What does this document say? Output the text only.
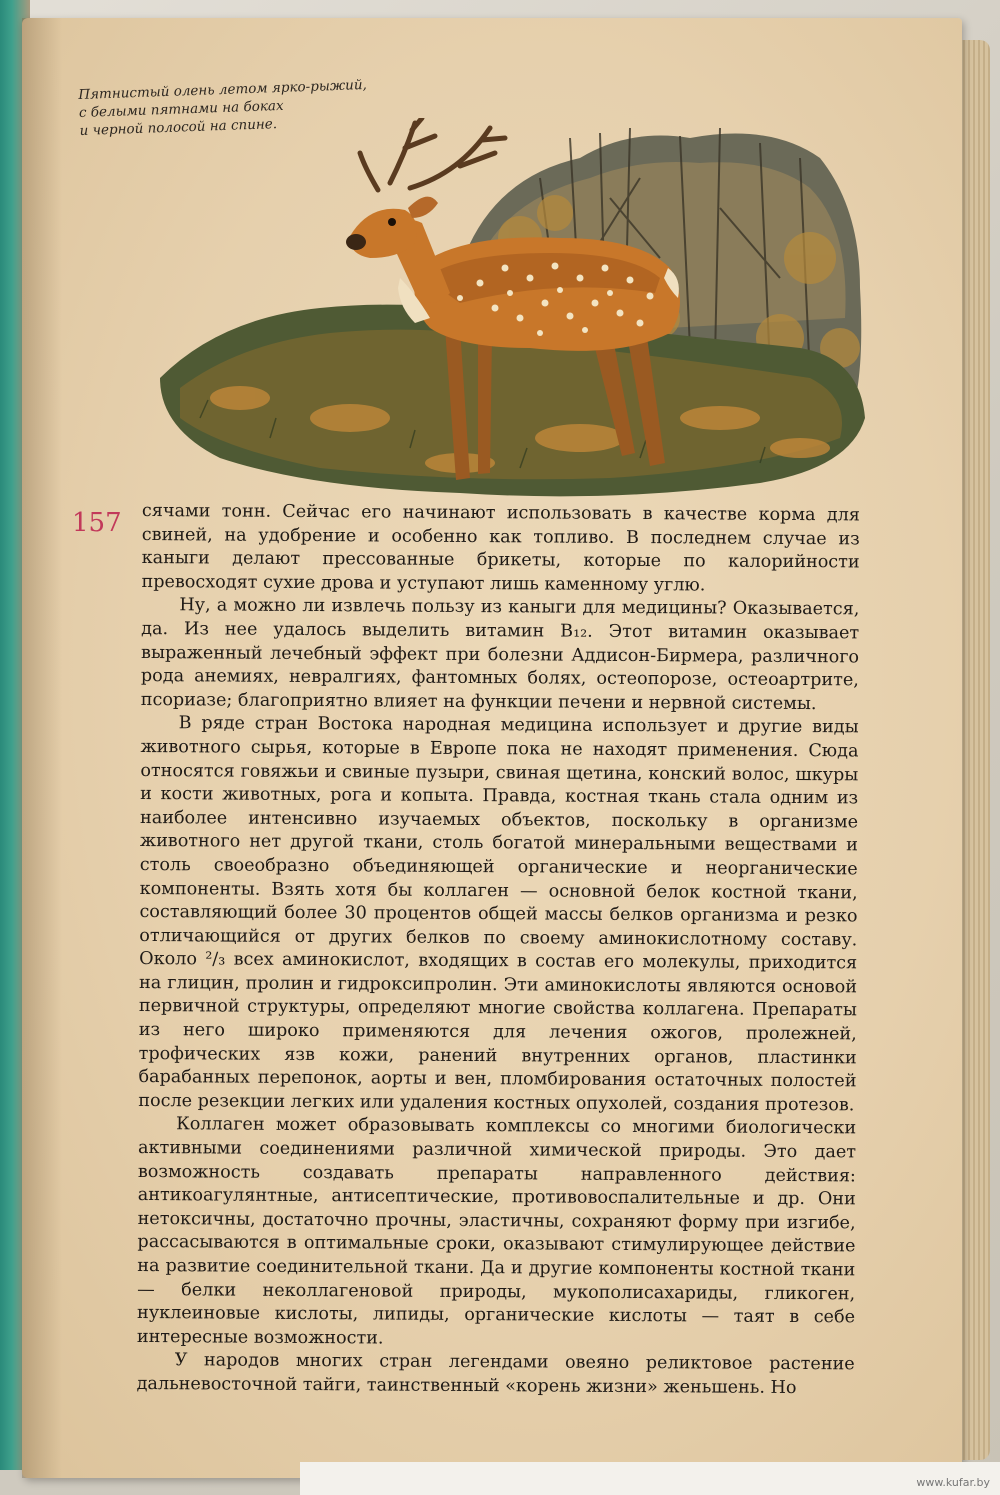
Пятнистый олень летом ярко-рыжий,
с белыми пятнами на боках
и черной полосой на спине.
157 сячами тонн. Сейчас его начинают использовать в качестве корма для свиней, на удобрение и особенно как топливо. В последнем случае из каныги делают прессованные брикеты, которые по калорийности превосходят сухие дрова и уступают лишь каменному углю.

Ну, а можно ли извлечь пользу из каныги для медицины? Оказывается, да. Из нее удалось выделить витамин B₁₂. Этот витамин оказывает выраженный лечебный эффект при болезни Аддисон-Бирмера, различного рода анемиях, невралгиях, фантомных болях, остеопорозе, остеоартрите, псориазе; благоприятно влияет на функции печени и нервной системы.

В ряде стран Востока народная медицина использует и другие виды животного сырья, которые в Европе пока не находят применения. Сюда относятся говяжьи и свиные пузыри, свиная щетина, конский волос, шкуры и кости животных, рога и копыта. Правда, костная ткань стала одним из наиболее интенсивно изучаемых объектов, поскольку в организме животного нет другой ткани, столь богатой минеральными веществами и столь своеобразно объединяющей органические и неорганические компоненты. Взять хотя бы коллаген — основной белок костной ткани, составляющий более 30 процентов общей массы белков организма и резко отличающийся от других белков по своему аминокислотному составу. Около ²/₃ всех аминокислот, входящих в состав его молекулы, приходится на глицин, пролин и гидроксипролин. Эти аминокислоты являются основой первичной структуры, определяют многие свойства коллагена. Препараты из него широко применяются для лечения ожогов, пролежней, трофических язв кожи, ранений внутренних органов, пластинки барабанных перепонок, аорты и вен, пломбирования остаточных полостей после резекции легких или удаления костных опухолей, создания протезов.

Коллаген может образовывать комплексы со многими биологически активными соединениями различной химической природы. Это дает возможность создавать препараты направленного действия: антикоагулянтные, антисептические, противовоспалительные и др. Они нетоксичны, достаточно прочны, эластичны, сохраняют форму при изгибе, рассасываются в оптимальные сроки, оказывают стимулирующее действие на развитие соединительной ткани. Да и другие компоненты костной ткани — белки неколлагеновой природы, мукополисахариды, гликоген, нуклеиновые кислоты, липиды, органические кислоты — таят в себе интересные возможности.

У народов многих стран легендами овеяно реликтовое растение дальневосточной тайги, таинственный «корень жизни» женьшень. Но

www.kufar.by
